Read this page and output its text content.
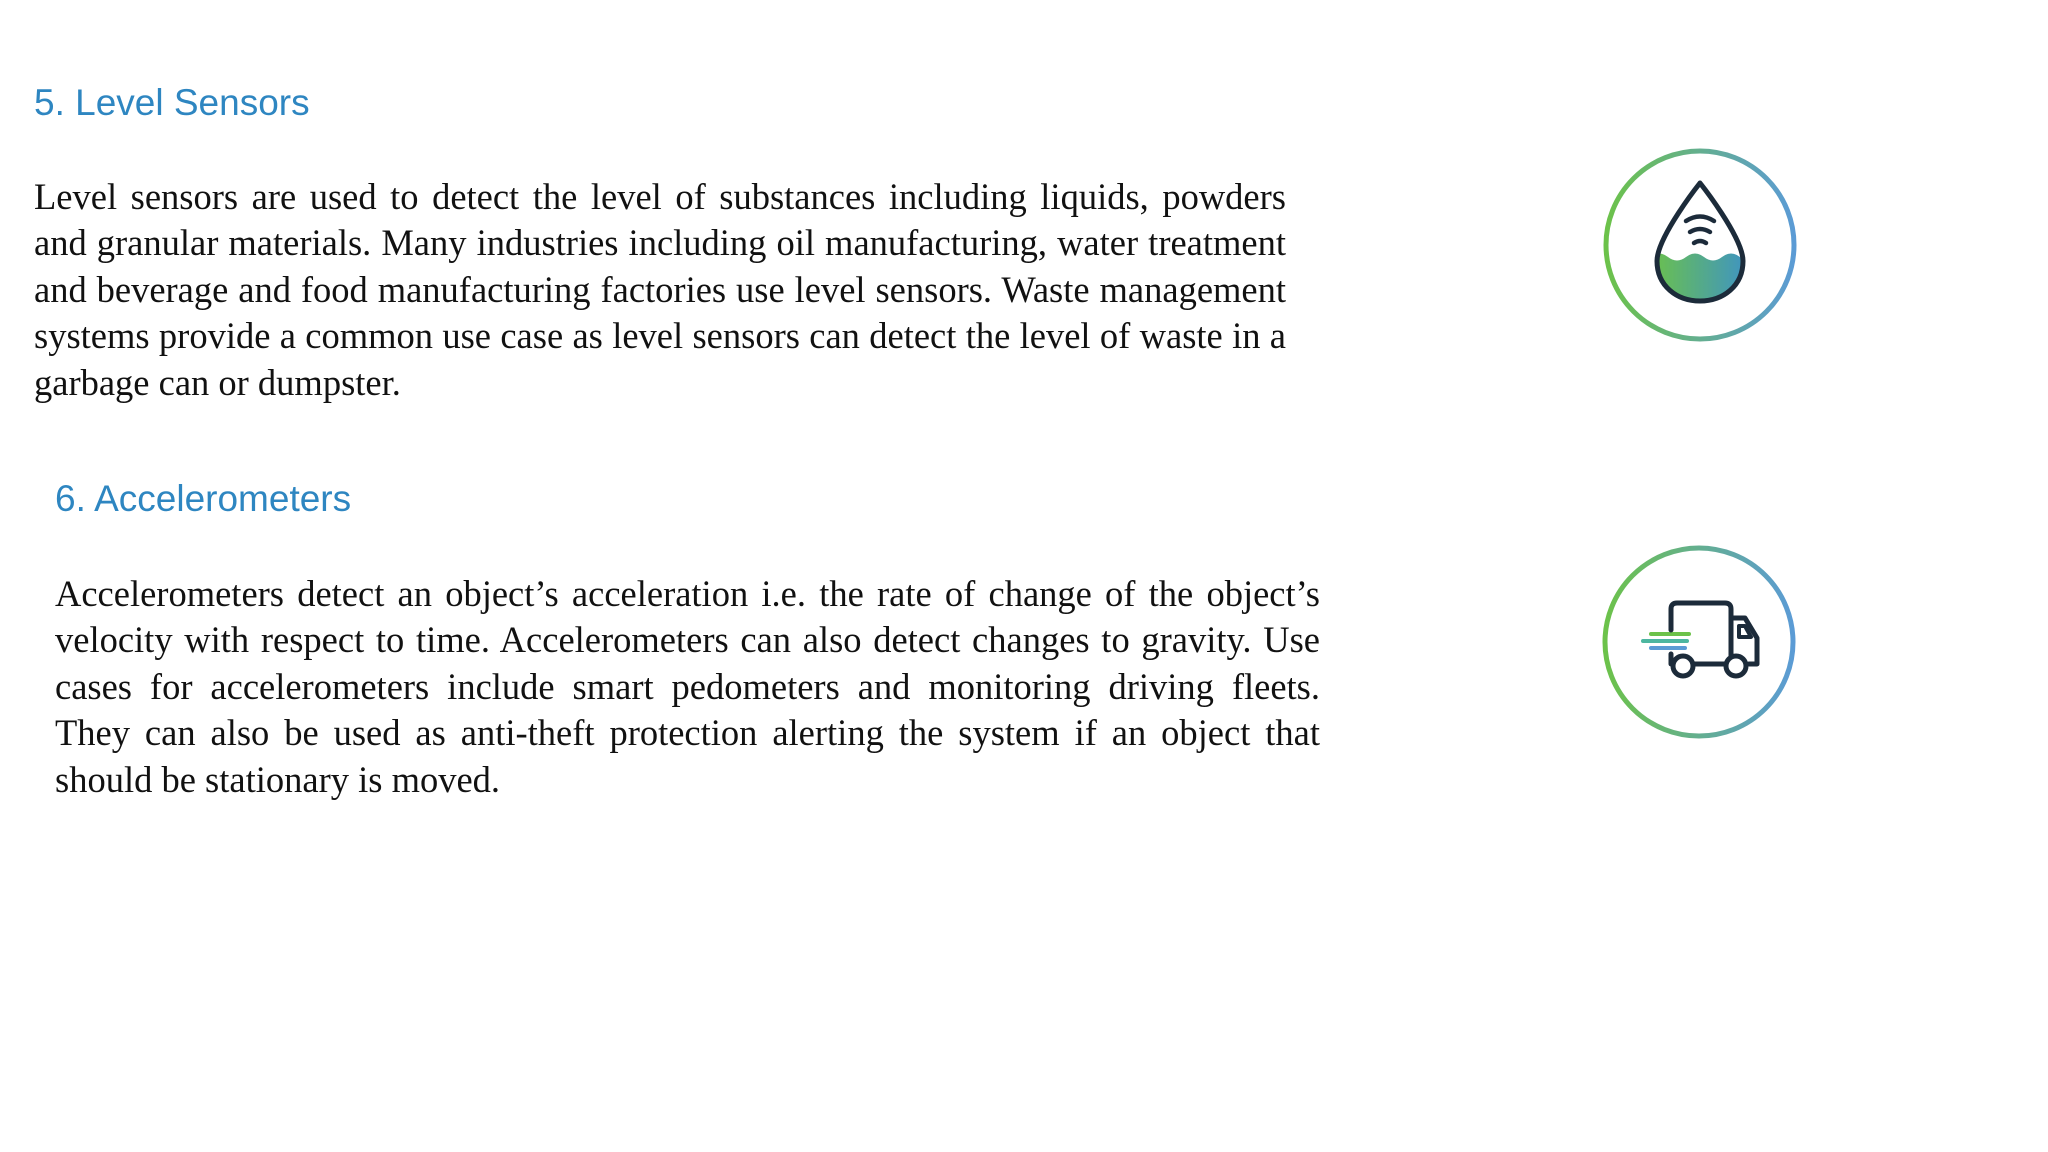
5. Level Sensors

Level sensors are used to detect the level of substances including liquids, powders and granular materials. Many industries including oil manufacturing, water treatment and beverage and food manufacturing factories use level sensors. Waste management systems provide a common use case as level sensors can detect the level of waste in a garbage can or dumpster.

6. Accelerometers

Accelerometers detect an object’s acceleration i.e. the rate of change of the object’s velocity with respect to time. Accelerometers can also detect changes to gravity. Use cases for accelerometers include smart pedometers and monitoring driving fleets. They can also be used as anti-theft protection alerting the system if an object that should be stationary is moved.
